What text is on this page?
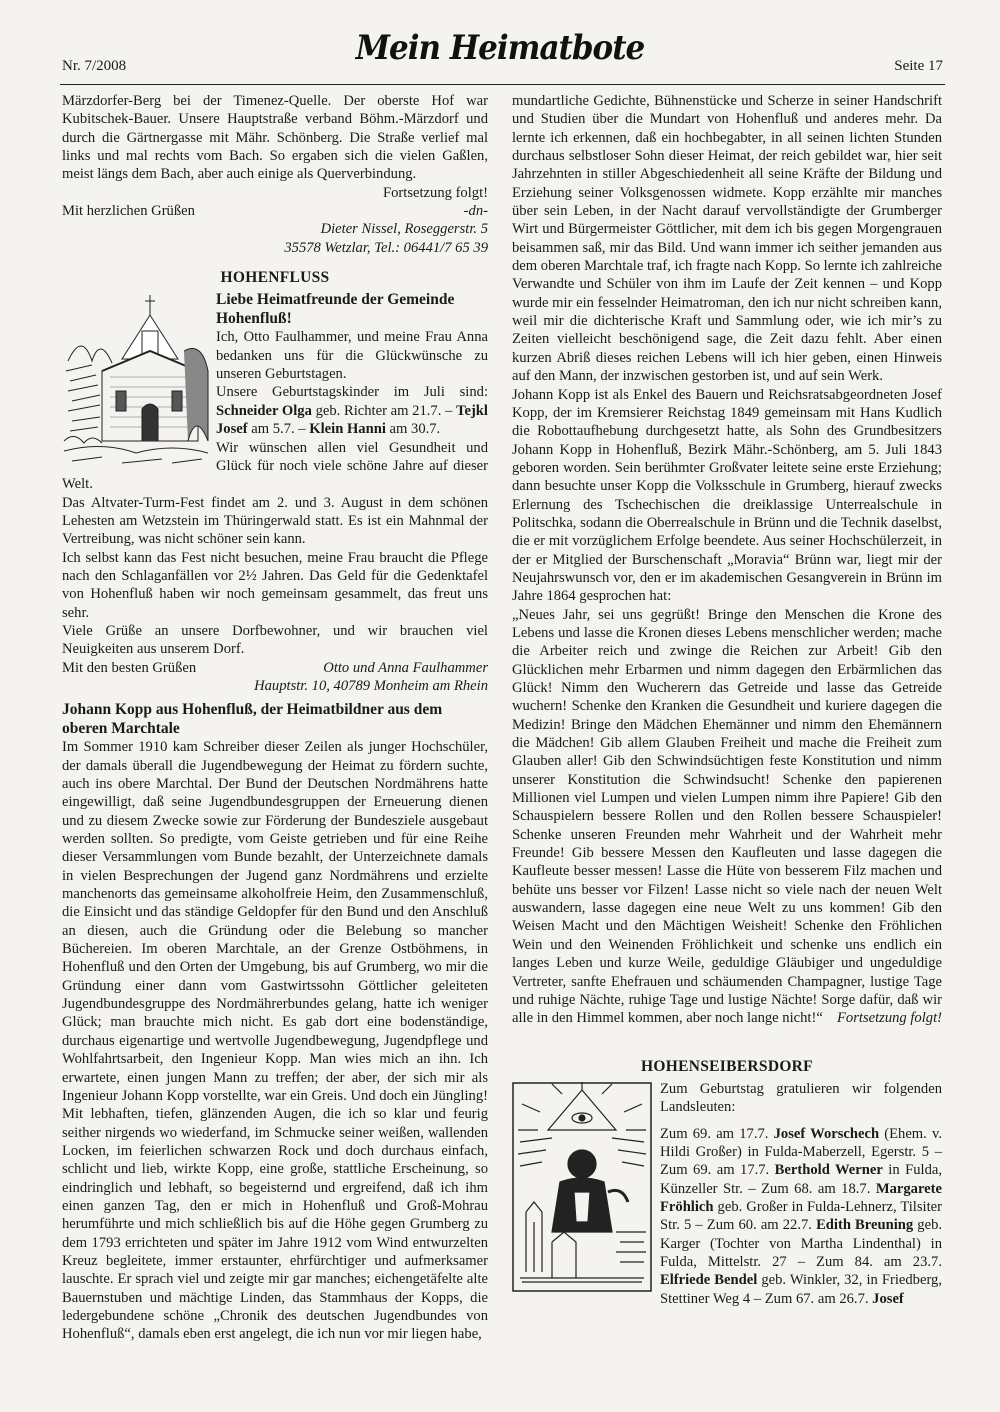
Nr. 7/2008	Mein Heimatbote	Seite 17

Märzdorfer-Berg bei der Timenez-Quelle. Der oberste Hof war Kubitschek-Bauer. Unsere Hauptstraße verband Böhm.-Märzdorf und durch die Gärtnergasse mit Mähr. Schönberg. Die Straße verlief mal links und mal rechts vom Bach. So ergaben sich die vielen Gaßlen, meist längs dem Bach, aber auch einige als Querverbindung.
Fortsetzung folgt!

Mit herzlichen Grüßen	-dn-
Dieter Nissel, Roseggerstr. 5
35578 Wetzlar, Tel.: 06441/7 65 39
HOHENFLUSS

Liebe Heimatfreunde der Gemeinde Hohenfluß!

Ich, Otto Faulhammer, und meine Frau Anna bedanken uns für die Glückwünsche zu unseren Geburtstagen.

Unsere Geburtstagskinder im Juli sind: Schneider Olga geb. Richter am 21.7. – Tejkl Josef am 5.7. – Klein Hanni am 30.7.

Wir wünschen allen viel Gesundheit und Glück für noch viele schöne Jahre auf dieser Welt.

Das Altvater-Turm-Fest findet am 2. und 3. August in dem schönen Lehesten am Wetzstein im Thüringerwald statt. Es ist ein Mahnmal der Vertreibung, was nicht schöner sein kann.

Ich selbst kann das Fest nicht besuchen, meine Frau braucht die Pflege nach den Schlaganfällen vor 2½ Jahren. Das Geld für die Gedenktafel von Hohenfluß haben wir noch gemeinsam gesammelt, das freut uns sehr.

Viele Grüße an unsere Dorfbewohner, und wir brauchen viel Neuigkeiten aus unserem Dorf.

Mit den besten Grüßen	Otto und Anna Faulhammer
Hauptstr. 10, 40789 Monheim am Rhein

Johann Kopp aus Hohenfluß, der Heimatbildner aus dem oberen Marchtale

Im Sommer 1910 kam Schreiber dieser Zeilen als junger Hochschüler, der damals überall die Jugendbewegung der Heimat zu fördern suchte, auch ins obere Marchtal. Der Bund der Deutschen Nordmährens hatte eingewilligt, daß seine Jugendbundesgruppen der Erneuerung dienen und zu diesem Zwecke sowie zur Förderung der Bundesziele ausgebaut werden sollten. So predigte, vom Geiste getrieben und für eine Reihe dieser Versammlungen vom Bunde bezahlt, der Unterzeichnete damals in vielen Besprechungen der Jugend ganz Nordmährens und erzielte manchenorts das gemeinsame alkoholfreie Heim, den Zusammenschluß, die Einsicht und das ständige Geldopfer für den Bund und den Anschluß an diesen, auch die Gründung oder die Belebung so mancher Büchereien. Im oberen Marchtale, an der Grenze Ostböhmens, in Hohenfluß und den Orten der Umgebung, bis auf Grumberg, wo mir die Gründung einer dann vom Gastwirtssohn Göttlicher geleiteten Jugendbundesgruppe des Nordmährerbundes gelang, hatte ich weniger Glück; man brauchte mich nicht. Es gab dort eine bodenständige, durchaus eigenartige und wertvolle Jugendbewegung, Jugendpflege und Wohlfahrtsarbeit, den Ingenieur Kopp. Man wies mich an ihn. Ich erwartete, einen jungen Mann zu treffen; der aber, der sich mir als Ingenieur Johann Kopp vorstellte, war ein Greis. Und doch ein Jüngling! Mit lebhaften, tiefen, glänzenden Augen, die ich so klar und feurig seither nirgends wo wiederfand, im Schmucke seiner weißen, wallenden Locken, im feierlichen schwarzen Rock und doch durchaus einfach, schlicht und lieb, wirkte Kopp, eine große, stattliche Erscheinung, so eindringlich und lebhaft, so begeisternd und ergreifend, daß ich ihm einen ganzen Tag, den er mich in Hohenfluß und Groß-Mohrau herumführte und mich schließlich bis auf die Höhe gegen Grumberg zu dem 1793 errichteten und später im Jahre 1912 vom Wind entwurzelten Kreuz begleitete, immer erstaunter, ehrfürchtiger und aufmerksamer lauschte. Er sprach viel und zeigte mir gar manches; eichengetäfelte alte Bauernstuben und mächtige Linden, das Stammhaus der Kopps, die ledergebundene schöne „Chronik des deutschen Jugendbundes von Hohenfluß“, damals eben erst angelegt, die ich nun vor mir liegen habe,

mundartliche Gedichte, Bühnenstücke und Scherze in seiner Handschrift und Studien über die Mundart von Hohenfluß und anderes mehr. Da lernte ich erkennen, daß ein hochbegabter, in all seinen lichten Stunden durchaus selbstloser Sohn dieser Heimat, der reich gebildet war, hier seit Jahrzehnten in stiller Abgeschiedenheit all seine Kräfte der Bildung und Erziehung seiner Volksgenossen widmete. Kopp erzählte mir manches über sein Leben, in der Nacht darauf vervollständigte der Grumberger Wirt und Bürgermeister Göttlicher, mit dem ich bis gegen Morgengrauen beisammen saß, mir das Bild. Und wann immer ich seither jemanden aus dem oberen Marchtale traf, ich fragte nach Kopp. So lernte ich zahlreiche Verwandte und Schüler von ihm im Laufe der Zeit kennen – und Kopp wurde mir ein fesselnder Heimatroman, den ich nur nicht schreiben kann, weil mir die dichterische Kraft und Sammlung oder, wie ich mir’s zu Zeiten vielleicht beschönigend sage, die Zeit dazu fehlt. Aber einen kurzen Abriß dieses reichen Lebens will ich hier geben, einen Hinweis auf den Mann, der inzwischen gestorben ist, und auf sein Werk.

Johann Kopp ist als Enkel des Bauern und Reichsratsabgeordneten Josef Kopp, der im Kremsierer Reichstag 1849 gemeinsam mit Hans Kudlich die Robottaufhebung durchgesetzt hatte, als Sohn des Grundbesitzers Johann Kopp in Hohenfluß, Bezirk Mähr.-Schönberg, am 5. Juli 1843 geboren worden. Sein berühmter Großvater leitete seine erste Erziehung; dann besuchte unser Kopp die Volksschule in Grumberg, hierauf zwecks Erlernung des Tschechischen die dreiklassige Unterrealschule in Politschka, sodann die Oberrealschule in Brünn und die Technik daselbst, die er mit vorzüglichem Erfolge beendete. Aus seiner Hochschülerzeit, in der er Mitglied der Burschenschaft „Moravia“ Brünn war, liegt mir der Neujahrswunsch vor, den er im akademischen Gesangverein in Brünn im Jahre 1864 gesprochen hat:

„Neues Jahr, sei uns gegrüßt! Bringe den Menschen die Krone des Lebens und lasse die Kronen dieses Lebens menschlicher werden; mache die Arbeiter reich und zwinge die Reichen zur Arbeit! Gib den Glücklichen mehr Erbarmen und nimm dagegen den Erbärmlichen das Glück! Nimm den Wucherern das Getreide und lasse das Getreide wuchern! Schenke den Kranken die Gesundheit und kuriere dagegen die Medizin! Bringe den Mädchen Ehemänner und nimm den Ehemännern die Mädchen! Gib allem Glauben Freiheit und mache die Freiheit zum Glauben aller! Gib den Schwindsüchtigen feste Konstitution und nimm unserer Konstitution die Schwindsucht! Schenke den papierenen Millionen viel Lumpen und vielen Lumpen nimm ihre Papiere! Gib den Schauspielern bessere Rollen und den Rollen bessere Schauspieler! Schenke unseren Freunden mehr Wahrheit und der Wahrheit mehr Freunde! Gib bessere Messen den Kaufleuten und lasse dagegen die Kaufleute besser messen! Lasse die Hüte von besserem Filz machen und behüte uns besser vor Filzen! Lasse nicht so viele nach der neuen Welt auswandern, lasse dagegen eine neue Welt zu uns kommen! Gib den Weisen Macht und den Mächtigen Weisheit! Schenke den Fröhlichen Wein und den Weinenden Fröhlichkeit und schenke uns endlich ein langes Leben und kurze Weile, geduldige Gläubiger und ungeduldige Vertreter, sanfte Ehefrauen und schäumenden Champagner, lustige Tage und ruhige Nächte, ruhige Tage und lustige Nächte! Sorge dafür, daß wir alle in den Himmel kommen, aber noch lange nicht!“ Fortsetzung folgt!

HOHENSEIBERSDORF

Zum Geburtstag gratulieren wir folgenden Landsleuten:

Zum 69. am 17.7. Josef Worschech (Ehem. v. Hildi Großer) in Fulda-Maberzell, Egerstr. 5 – Zum 69. am 17.7. Berthold Werner in Fulda, Künzeller Str. – Zum 68. am 18.7. Margarete Fröhlich geb. Großer in Fulda-Lehnerz, Tilsiter Str. 5 – Zum 60. am 22.7. Edith Breuning geb. Karger (Tochter von Martha Lindenthal) in Fulda, Mittelstr. 27 – Zum 84. am 23.7. Elfriede Bendel geb. Winkler, 32, in Friedberg, Stettiner Weg 4 – Zum 67. am 26.7. Josef
